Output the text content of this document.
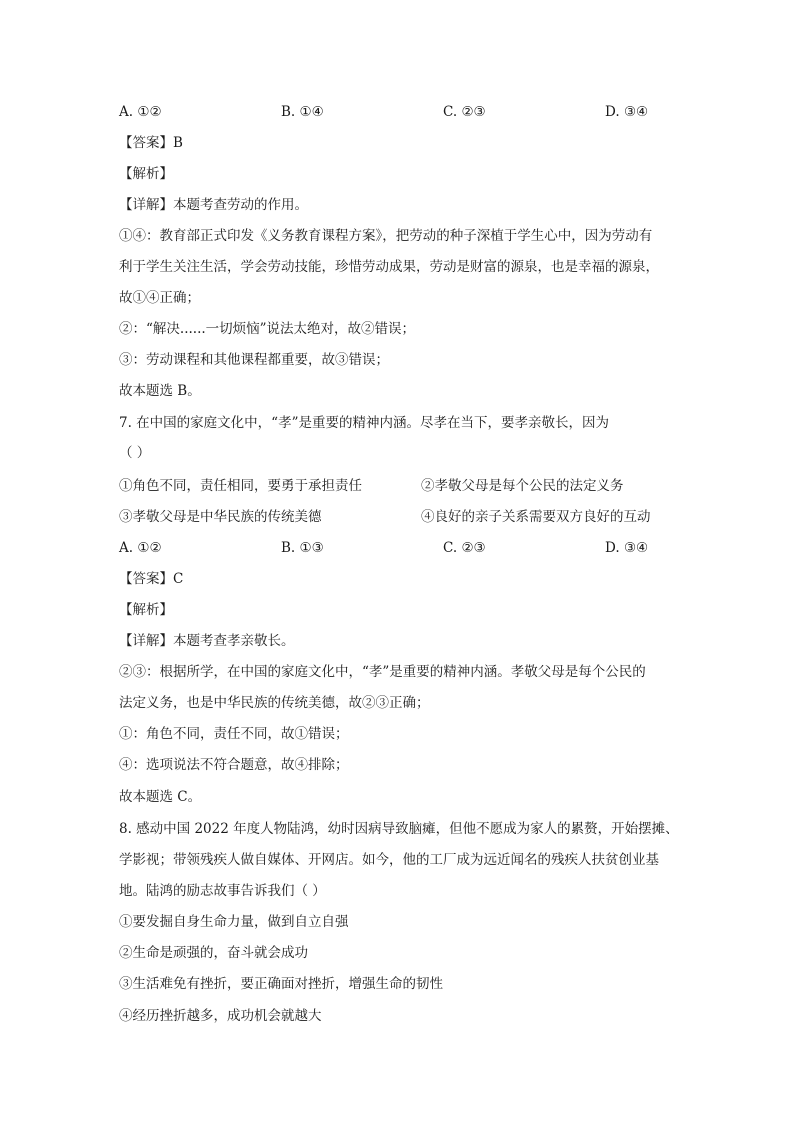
A. ①②	B. ①④	C. ②③	D. ③④
【答案】B
【解析】
【详解】本题考查劳动的作用。
①④：教育部正式印发《义务教育课程方案》，把劳动的种子深植于学生心中，因为劳动有
利于学生关注生活，学会劳动技能，珍惜劳动成果，劳动是财富的源泉，也是幸福的源泉，
故①④正确；
②：“解决......一切烦恼”说法太绝对，故②错误；
③：劳动课程和其他课程都重要，故③错误；
故本题选 B。
7. 在中国的家庭文化中，“孝”是重要的精神内涵。尽孝在当下，要孝亲敬长，因为
（ ）
①角色不同，责任相同，要勇于承担责任	②孝敬父母是每个公民的法定义务
③孝敬父母是中华民族的传统美德	④良好的亲子关系需要双方良好的互动
A. ①②	B. ①③	C. ②③	D. ③④
【答案】C
【解析】
【详解】本题考查孝亲敬长。
②③：根据所学，在中国的家庭文化中，“孝”是重要的精神内涵。孝敬父母是每个公民的
法定义务，也是中华民族的传统美德，故②③正确；
①：角色不同，责任不同，故①错误；
④：选项说法不符合题意，故④排除；
故本题选 C。
8. 感动中国 2022 年度人物陆鸿，幼时因病导致脑瘫，但他不愿成为家人的累赘，开始摆摊、
学影视；带领残疾人做自媒体、开网店。如今，他的工厂成为远近闻名的残疾人扶贫创业基
地。陆鸿的励志故事告诉我们（ ）
①要发掘自身生命力量，做到自立自强
②生命是顽强的，奋斗就会成功
③生活难免有挫折，要正确面对挫折，增强生命的韧性
④经历挫折越多，成功机会就越大
